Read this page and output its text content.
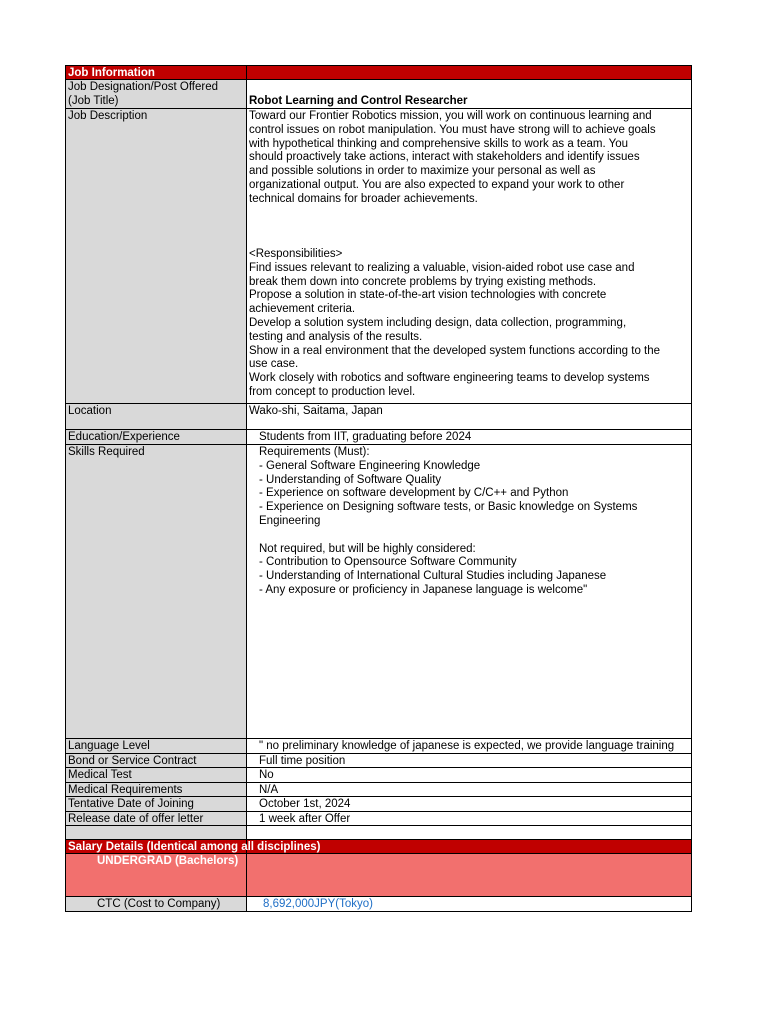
Job Information
Job Designation/Post Offered
(Job Title)	Robot Learning and Control Researcher
Job Description	Toward our Frontier Robotics mission, you will work on continuous learning and
control issues on robot manipulation. You must have strong will to achieve goals
with hypothetical thinking and comprehensive skills to work as a team. You
should proactively take actions, interact with stakeholders and identify issues
and possible solutions in order to maximize your personal as well as
organizational output. You are also expected to expand your work to other
technical domains for broader achievements.
<Responsibilities>
Find issues relevant to realizing a valuable, vision-aided robot use case and
break them down into concrete problems by trying existing methods.
Propose a solution in state-of-the-art vision technologies with concrete
achievement criteria.
Develop a solution system including design, data collection, programming,
testing and analysis of the results.
Show in a real environment that the developed system functions according to the
use case.
Work closely with robotics and software engineering teams to develop systems
from concept to production level.
Location	Wako-shi, Saitama, Japan
Education/Experience	Students from IIT, graduating before 2024
Skills Required	Requirements (Must):
- General Software Engineering Knowledge
- Understanding of Software Quality
- Experience on software development by C/C++ and Python
- Experience on Designing software tests, or Basic knowledge on Systems
Engineering
Not required, but will be highly considered:
- Contribution to Opensource Software Community
- Understanding of International Cultural Studies including Japanese
- Any exposure or proficiency in Japanese language is welcome"
Language Level	" no preliminary knowledge of japanese is expected, we provide language training
Bond or Service Contract	Full time position
Medical Test	No
Medical Requirements	N/A
Tentative Date of Joining	October 1st, 2024
Release date of offer letter	1 week after Offer
Salary Details (Identical among all disciplines)
UNDERGRAD (Bachelors)
CTC (Cost to Company)	8,692,000JPY(Tokyo)
